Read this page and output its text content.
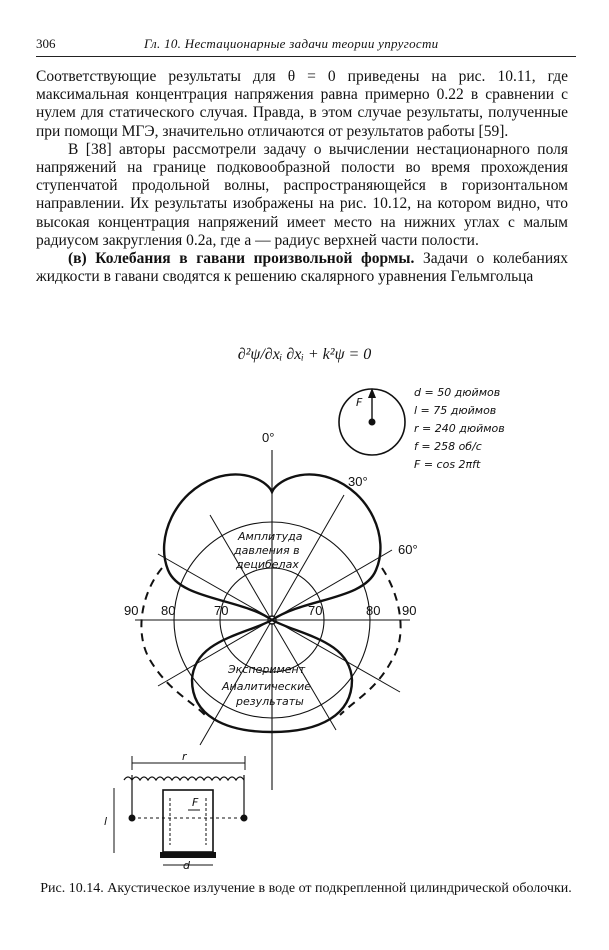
306	Гл. 10. Нестационарные задачи теории упругости

Соответствующие результаты для θ = 0 приведены на рис. 10.11, где максимальная концентрация напряжения равна примерно 0.22 в сравнении с нулем для статического случая. Правда, в этом случае результаты, полученные при помощи МГЭ, значительно отличаются от результатов работы [59].

В [38] авторы рассмотрели задачу о вычислении нестационарного поля напряжений на границе подковообразной полости во время прохождения ступенчатой продольной волны, распространяющейся в горизонтальном направлении. Их результаты изображены на рис. 10.12, на котором видно, что высокая концентрация напряжений имеет место на нижних углах с малым радиусом закругления 0.2a, где a — радиус верхней части полости.

(в) Колебания в гавани произвольной формы. Задачи о колебаниях жидкости в гавани сводятся к решению скалярного уравнения Гельмгольца

∂²ψ/∂xᵢ ∂xᵢ + k²ψ = 0
F
d = 50 дюймов
l = 75 дюймов
r = 240 дюймов
f = 258 об/с
F = cos 2πft
0°
30°
60°
90 80	70	70	80 90
Амплитуда
давления в
децибелах
Эксперимент
Аналитические
результаты
r
l
F
d
Рис. 10.14. Акустическое излучение в воде от подкрепленной цилиндрической оболочки.
